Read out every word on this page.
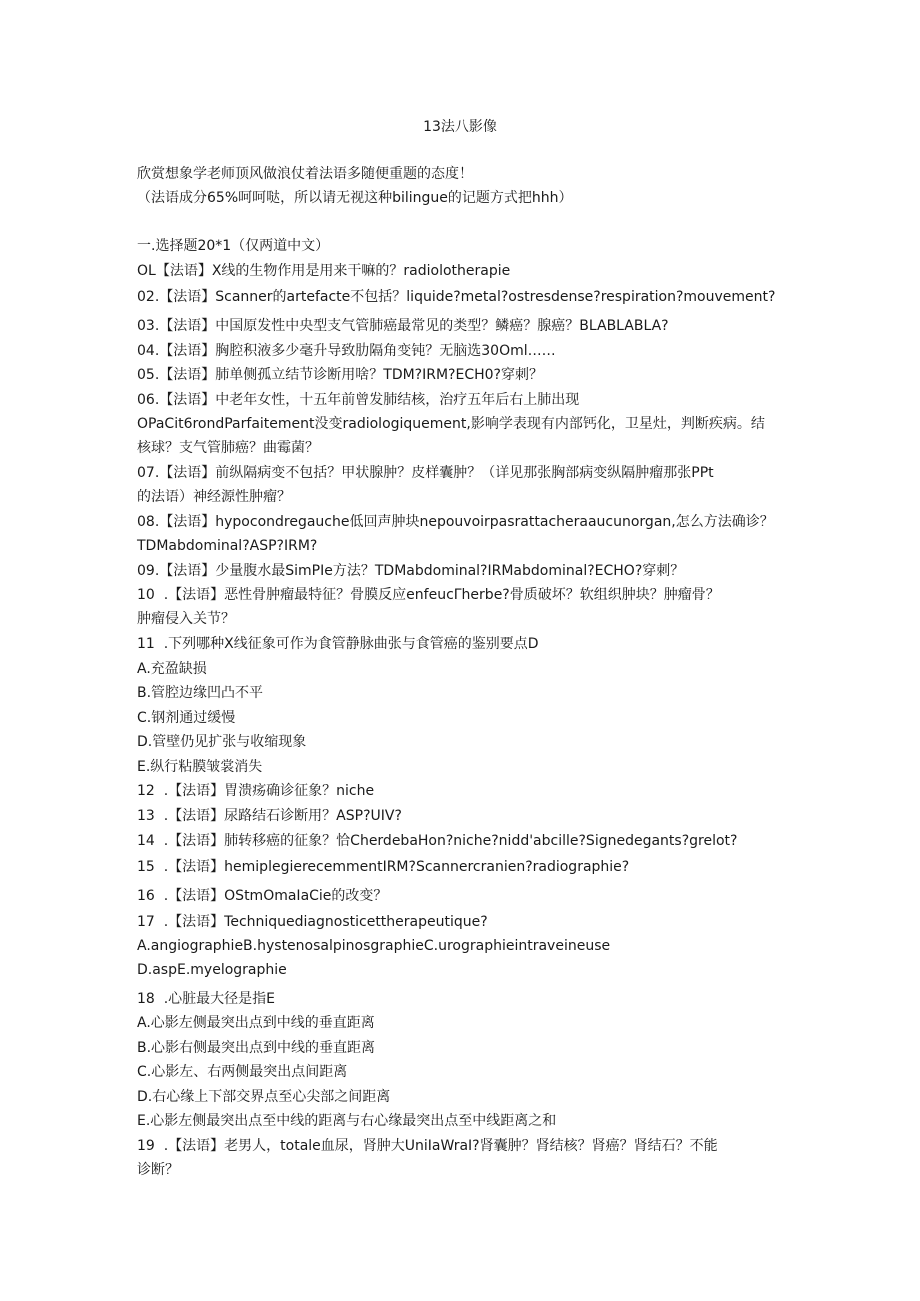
13法八影像
欣赏想象学老师顶风做浪仗着法语多随便重题的态度！
（法语成分65%呵呵哒，所以请无视这种bilingue的记题方式把hhh）
一.选择题20*1（仅两道中文）
OL【法语】X线的生物作用是用来干嘛的？radiolotherapie
02.【法语】Scanner的artefacte不包括？liquide?metal?ostresdense?respiration?mouvement?
03.【法语】中国原发性中央型支气管肺癌最常见的类型？鳞癌？腺癌？BLABLABLA?
04.【法语】胸腔积液多少毫升导致肋隔角变钝？无脑选30Oml……
05.【法语】肺单侧孤立结节诊断用啥？TDM?IRM?ECH0?穿刺？
06.【法语】中老年女性，十五年前曾发肺结核，治疗五年后右上肺出现
OPaCit6rondParfaitement没变radiologiquement,影响学表现有内部钙化，卫星灶，判断疾病。结
核球？支气管肺癌？曲霉菌？
07.【法语】前纵隔病变不包括？甲状腺肿？皮样囊肿？（详见那张胸部病变纵隔肿瘤那张PPt
的法语）神经源性肿瘤？
08.【法语】hypocondregauche低回声肿块nepouvoirpasrattacheraaucunorgan,怎么方法确诊？
TDMabdominal?ASP?IRM?
09.【法语】少量腹水最SimPIe方法？TDMabdominal?IRMabdominal?ECHO?穿刺？
10  .【法语】恶性骨肿瘤最特征？骨膜反应enfeucΓherbe?骨质破坏？软组织肿块？肿瘤骨？
肿瘤侵入关节？
11  .下列哪种X线征象可作为食管静脉曲张与食管癌的鉴别要点D
A.充盈缺损
B.管腔边缘凹凸不平
C.钢剂通过缓慢
D.管壁仍见扩张与收缩现象
E.纵行粘膜皱裳消失
12  .【法语】胃溃疡确诊征象？niche
13  .【法语】尿路结石诊断用？ASP?UIV?
14  .【法语】肺转移癌的征象？恰CherdebaHon?niche?nidd'abcille?Signedegants?grelot?
15  .【法语】hemiplegierecemmentIRM?Scannercranien?radiographie?
16  .【法语】OStmOmaIaCie的改变？
17  .【法语】Techniquediagnosticettherapeutique?
A.angiographieB.hystenosalpinosgraphieC.urographieintraveineuse
D.aspE.myelographie
18  .心脏最大径是指E
A.心影左侧最突出点到中线的垂直距离
B.心影右侧最突出点到中线的垂直距离
C.心影左、右两侧最突出点间距离
D.右心缘上下部交界点至心尖部之间距离
E.心影左侧最突出点至中线的距离与右心缘最突出点至中线距离之和
19  .【法语】老男人，totale血尿，肾肿大UniIaWraI?肾囊肿？肾结核？肾癌？肾结石？不能
诊断？
